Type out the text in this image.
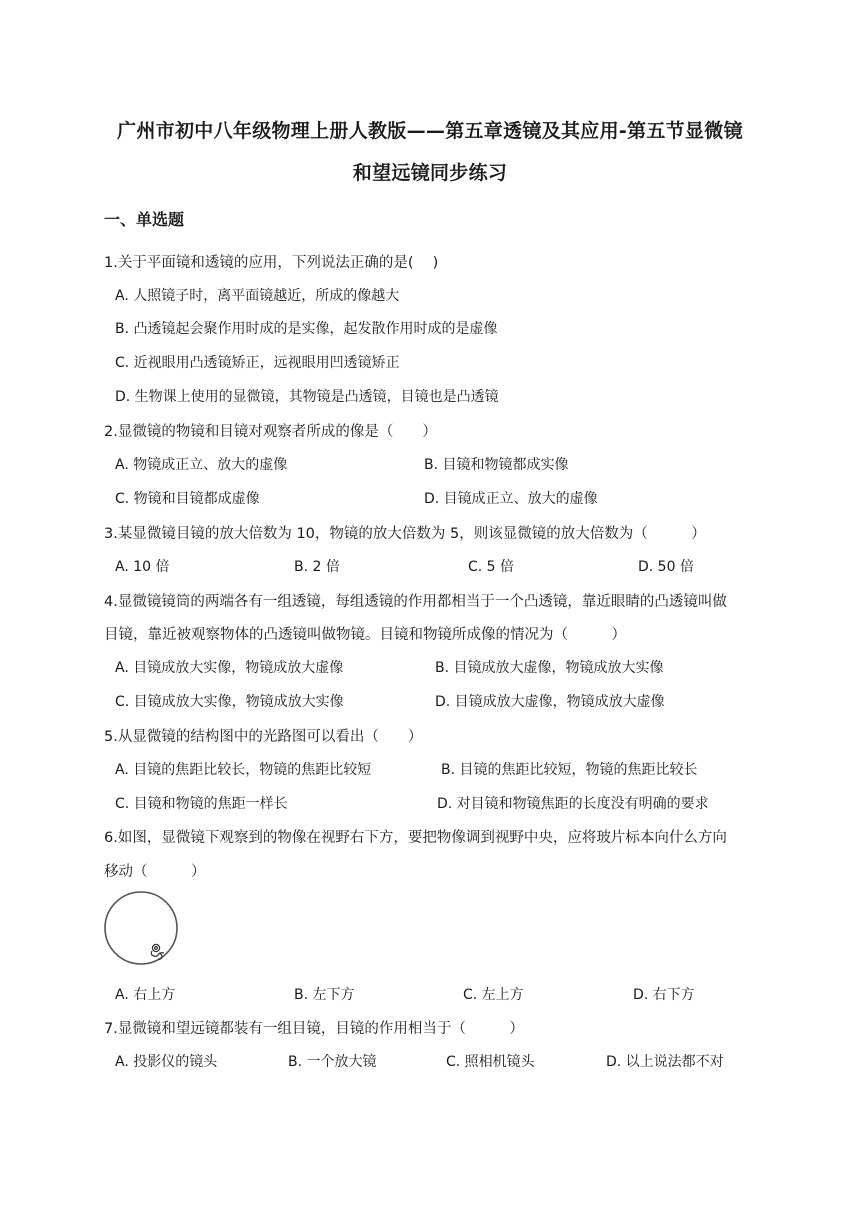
广州市初中八年级物理上册人教版——第五章透镜及其应用-第五节显微镜
和望远镜同步练习
一、单选题
1.关于平面镜和透镜的应用，下列说法正确的是(　 )
A. 人照镜子时，离平面镜越近，所成的像越大
B. 凸透镜起会聚作用时成的是实像，起发散作用时成的是虚像
C. 近视眼用凸透镜矫正，远视眼用凹透镜矫正
D. 生物课上使用的显微镜，其物镜是凸透镜，目镜也是凸透镜
2.显微镜的物镜和目镜对观察者所成的像是（　　）
A. 物镜成正立、放大的虚像	B. 目镜和物镜都成实像
C. 物镜和目镜都成虚像	D. 目镜成正立、放大的虚像
3.某显微镜目镜的放大倍数为 10，物镜的放大倍数为 5，则该显微镜的放大倍数为（　　　）
A. 10 倍	B. 2 倍	C. 5 倍	D. 50 倍
4.显微镜镜筒的两端各有一组透镜，每组透镜的作用都相当于一个凸透镜，靠近眼睛的凸透镜叫做
目镜，靠近被观察物体的凸透镜叫做物镜。目镜和物镜所成像的情况为（　　　）
A. 目镜成放大实像，物镜成放大虚像	B. 目镜成放大虚像，物镜成放大实像
C. 目镜成放大实像，物镜成放大实像	D. 目镜成放大虚像，物镜成放大虚像
5.从显微镜的结构图中的光路图可以看出（　　）
A. 目镜的焦距比较长，物镜的焦距比较短	B. 目镜的焦距比较短，物镜的焦距比较长
C. 目镜和物镜的焦距一样长	D. 对目镜和物镜焦距的长度没有明确的要求
6.如图，显微镜下观察到的物像在视野右下方，要把物像调到视野中央，应将玻片标本向什么方向
移动（　　　）
A. 右上方	B. 左下方	C. 左上方	D. 右下方
7.显微镜和望远镜都装有一组目镜，目镜的作用相当于（　　　）
A. 投影仪的镜头	B. 一个放大镜	C. 照相机镜头	D. 以上说法都不对
